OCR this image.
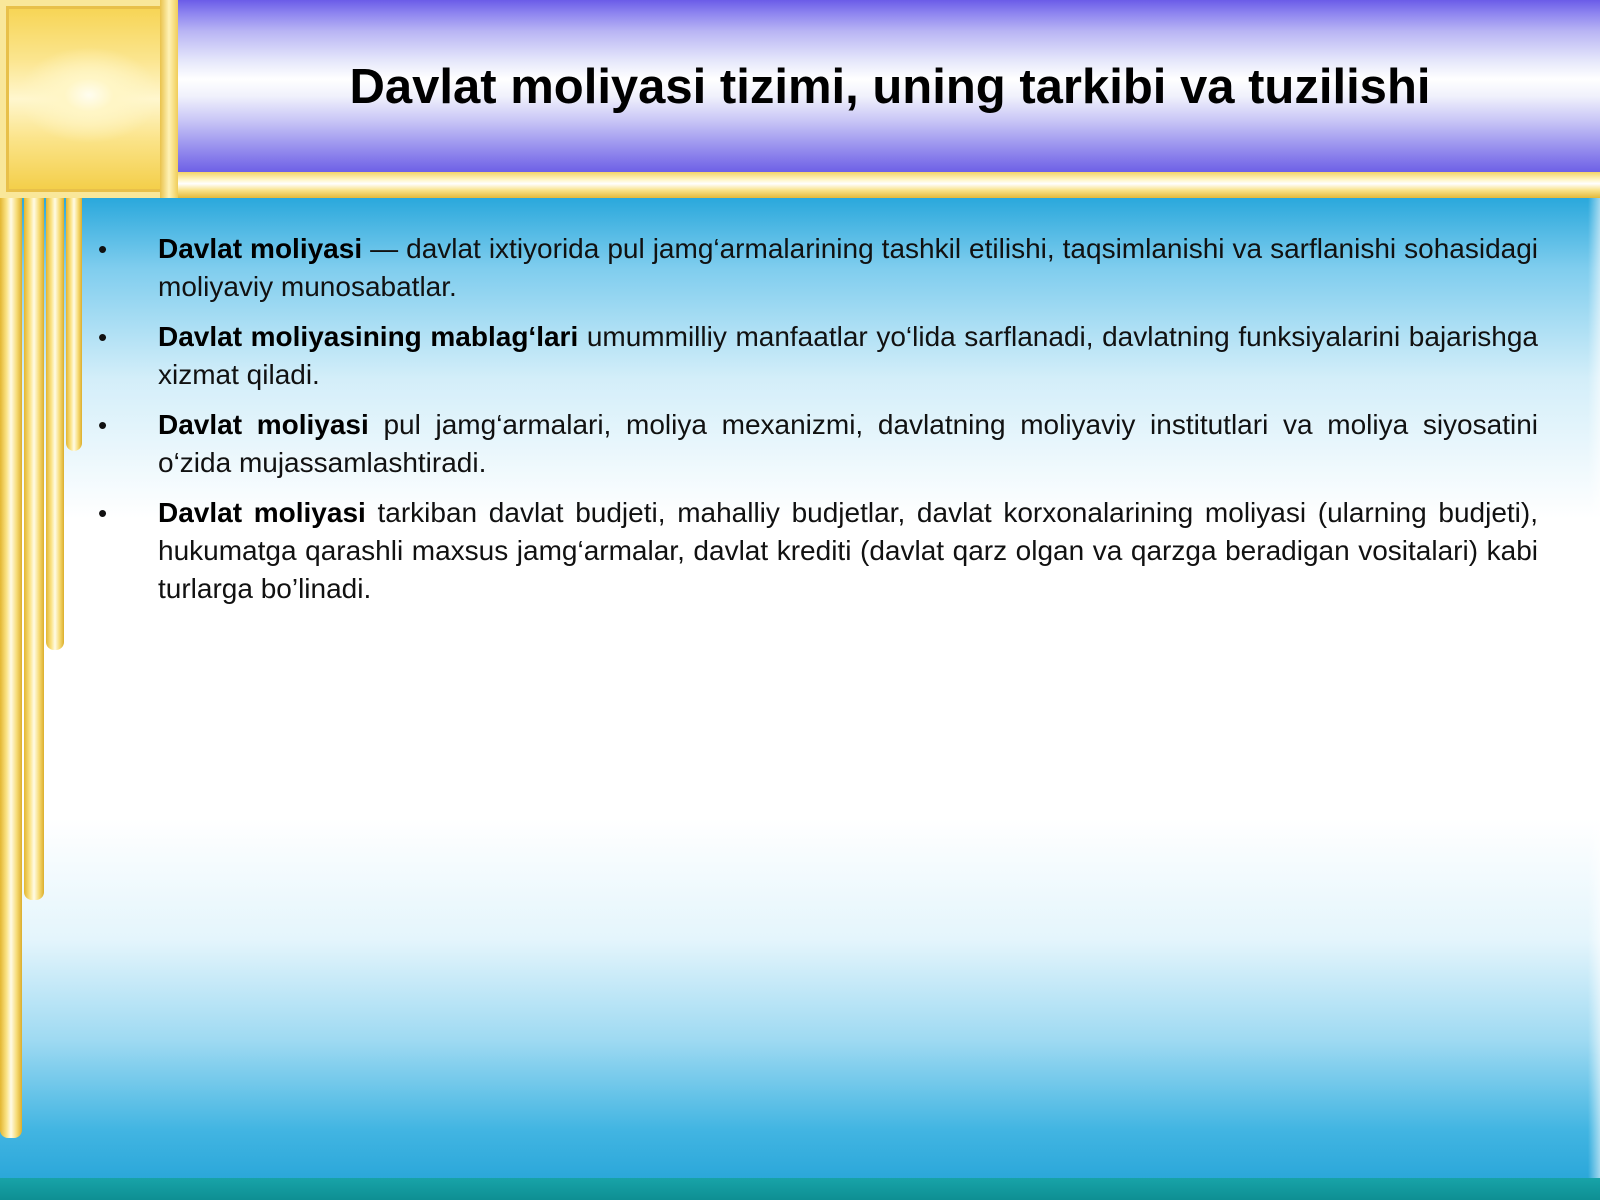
Davlat moliyasi tizimi, uning tarkibi va tuzilishi
•	Davlat moliyasi — davlat ixtiyorida pul jamg‘armalarining tashkil etilishi, taqsimlanishi va sarflanishi sohasidagi moliyaviy munosabatlar.
•	Davlat moliyasining mablag‘lari umummilliy manfaatlar yo‘lida sarflanadi, davlatning funksiyalarini bajarishga xizmat qiladi.
•	Davlat moliyasi pul jamg‘armalari, moliya mexanizmi, davlatning moliyaviy institutlari va moliya siyosatini o‘zida mujassamlashtiradi.
•	Davlat moliyasi tarkiban davlat budjeti, mahalliy budjetlar, davlat korxonalarining moliyasi (ularning budjeti), hukumatga qarashli maxsus jamg‘armalar, davlat krediti (davlat qarz olgan va qarzga beradigan vositalari) kabi turlarga bo’linadi.
